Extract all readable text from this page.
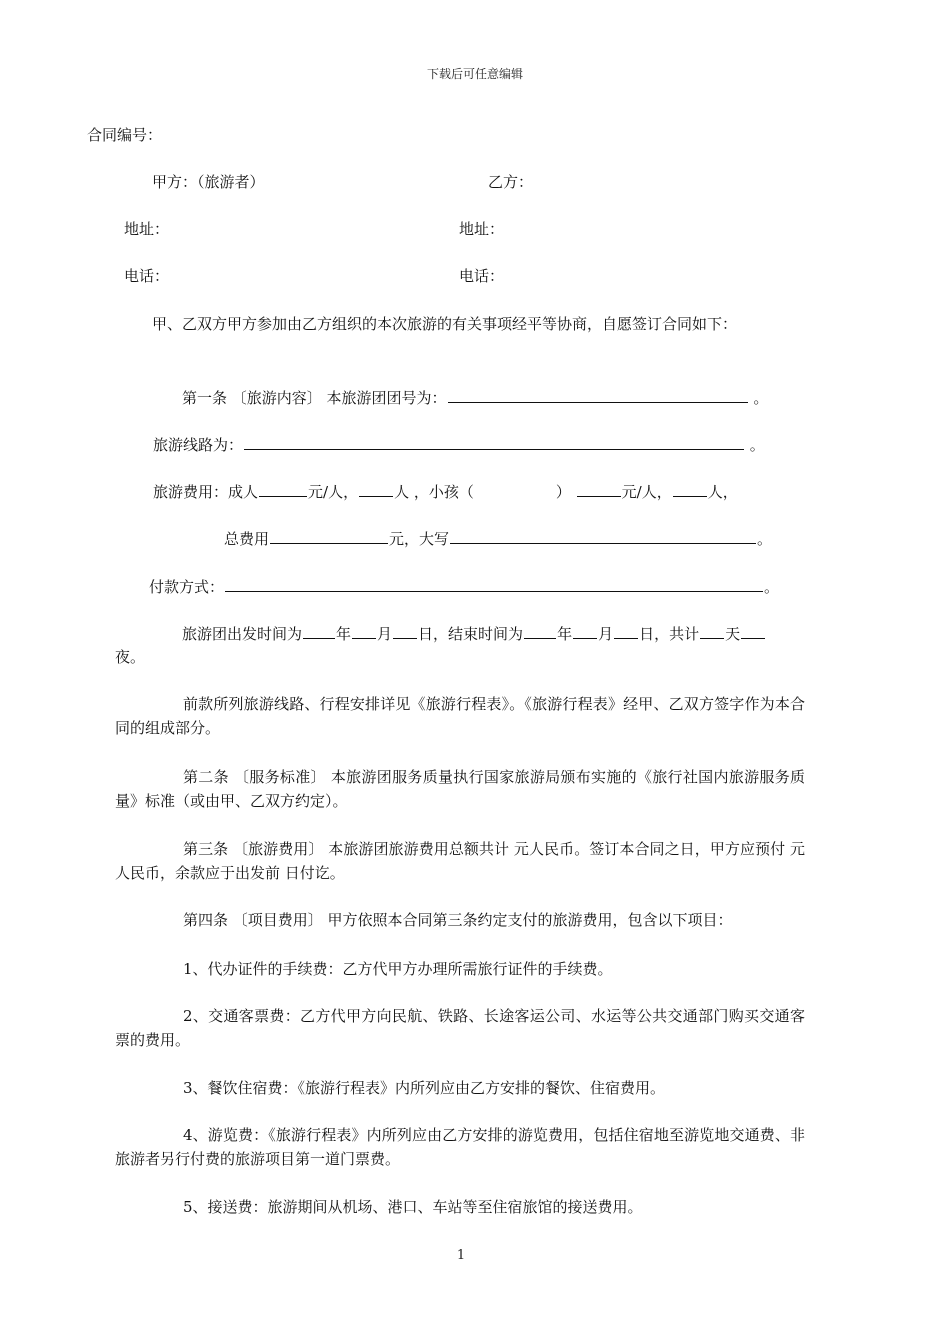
下载后可任意编辑
合同编号：
甲方：（旅游者）	乙方：
地址：	地址：
电话：	电话：
甲、乙双方甲方参加由乙方组织的本次旅游的有关事项经平等协商，自愿签订合同如下：
第一条 〔旅游内容〕 本旅游团团号为：	。
旅游线路为：	。
旅游费用：成人	元/人， 人 ，小孩（	）	元/人， 人，
总费用	元，大写	。
付款方式：	。
旅游团出发时间为 年 月 日，结束时间为 年 月 日，共计 天
夜。
前款所列旅游线路、行程安排详见《旅游行程表》。《旅游行程表》经甲、乙双方签字作为本合同的组成部分。
第二条 〔服务标准〕 本旅游团服务质量执行国家旅游局颁布实施的《旅行社国内旅游服务质量》标准（或由甲、乙双方约定）。
第三条 〔旅游费用〕 本旅游团旅游费用总额共计 元人民币。签订本合同之日，甲方应预付 元人民币，余款应于出发前 日付讫。
第四条 〔项目费用〕 甲方依照本合同第三条约定支付的旅游费用，包含以下项目：
1、代办证件的手续费：乙方代甲方办理所需旅行证件的手续费。
2、交通客票费：乙方代甲方向民航、铁路、长途客运公司、水运等公共交通部门购买交通客票的费用。
3、餐饮住宿费：《旅游行程表》内所列应由乙方安排的餐饮、住宿费用。
4、游览费：《旅游行程表》内所列应由乙方安排的游览费用，包括住宿地至游览地交通费、非旅游者另行付费的旅游项目第一道门票费。
5、接送费：旅游期间从机场、港口、车站等至住宿旅馆的接送费用。
1
